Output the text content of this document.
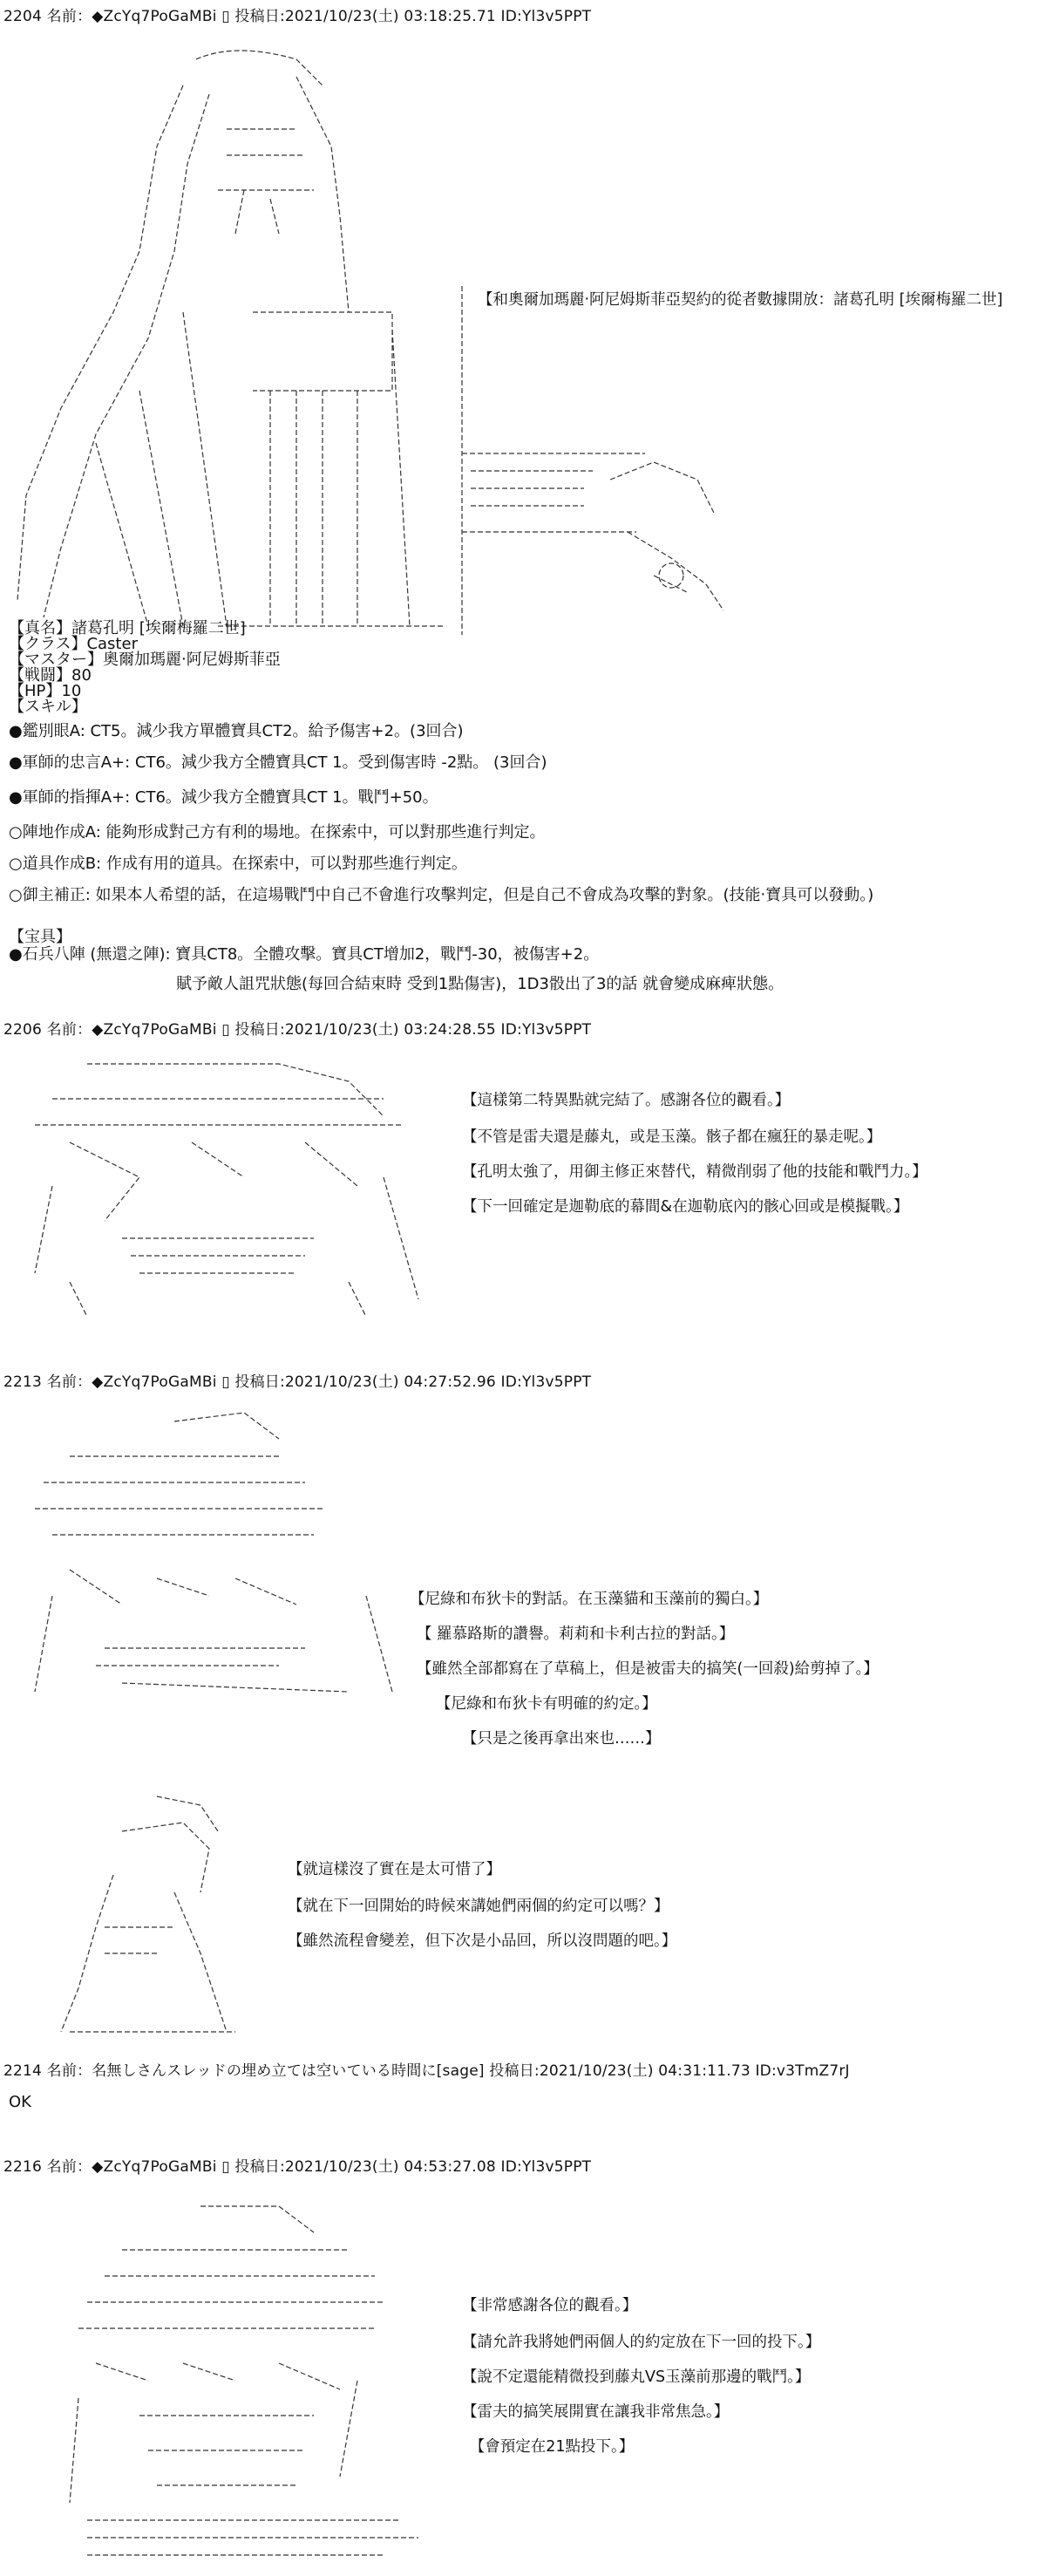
2204 名前：◆ZcYq7PoGaMBi ▯ 投稿日:2021/10/23(土) 03:18:25.71 ID:Yl3v5PPT
【和奧爾加瑪麗‧阿尼姆斯菲亞契約的從者數據開放：諸葛孔明 [埃爾梅羅二世]
【真名】諸葛孔明 [埃爾梅羅二世]
【クラス】Caster
【マスター】奧爾加瑪麗‧阿尼姆斯菲亞
【戦闘】80
【HP】10
【スキル】
●鑑別眼A: CT5。減少我方單體寶具CT2。給予傷害+2。(3回合)
●軍師的忠言A+: CT6。減少我方全體寶具CT 1。受到傷害時 -2點。 (3回合)
●軍師的指揮A+: CT6。減少我方全體寶具CT 1。戰鬥+50。
○陣地作成A: 能夠形成對己方有利的場地。在探索中，可以對那些進行判定。
○道具作成B: 作成有用的道具。在探索中，可以對那些進行判定。
○御主補正: 如果本人希望的話，在這場戰鬥中自己不會進行攻擊判定，但是自己不會成為攻擊的對象。(技能‧寶具可以發動。)
【宝具】
●石兵八陣 (無還之陣): 寶具CT8。全體攻擊。寶具CT增加2，戰鬥-30，被傷害+2。
　　　　賦予敵人詛咒狀態(每回合結束時 受到1點傷害)，1D3骰出了3的話 就會變成麻痺狀態。
2206 名前：◆ZcYq7PoGaMBi ▯ 投稿日:2021/10/23(土) 03:24:28.55 ID:Yl3v5PPT
【這樣第二特異點就完結了。感謝各位的觀看。】
【不管是雷夫還是藤丸，或是玉藻。骸子都在瘋狂的暴走呢。】
【孔明太強了，用御主修正來替代，精微削弱了他的技能和戰鬥力。】
【下一回確定是迦勒底的幕間&在迦勒底內的骸心回或是模擬戰。】
2213 名前：◆ZcYq7PoGaMBi ▯ 投稿日:2021/10/23(土) 04:27:52.96 ID:Yl3v5PPT
【尼綠和布狄卡的對話。在玉藻貓和玉藻前的獨白。】
【 羅慕路斯的讚譽。莉莉和卡利古拉的對話。】
【雖然全部都寫在了草稿上，但是被雷夫的搞笑(一回殺)給剪掉了。】
【尼綠和布狄卡有明確的約定。】
【只是之後再拿出來也……】
【就這樣沒了實在是太可惜了】
【就在下一回開始的時候來講她們兩個的約定可以嗎？】
【雖然流程會變差，但下次是小品回，所以沒問題的吧。】
2214 名前：名無しさんスレッドの埋め立ては空いている時間に[sage] 投稿日:2021/10/23(土) 04:31:11.73 ID:v3TmZ7rJ
OK
2216 名前：◆ZcYq7PoGaMBi ▯ 投稿日:2021/10/23(土) 04:53:27.08 ID:Yl3v5PPT
【非常感謝各位的觀看。】
【請允許我將她們兩個人的約定放在下一回的投下。】
【說不定還能精微投到藤丸VS玉藻前那邊的戰鬥。】
【雷夫的搞笑展開實在讓我非常焦急。】
　【會預定在21點投下。】
